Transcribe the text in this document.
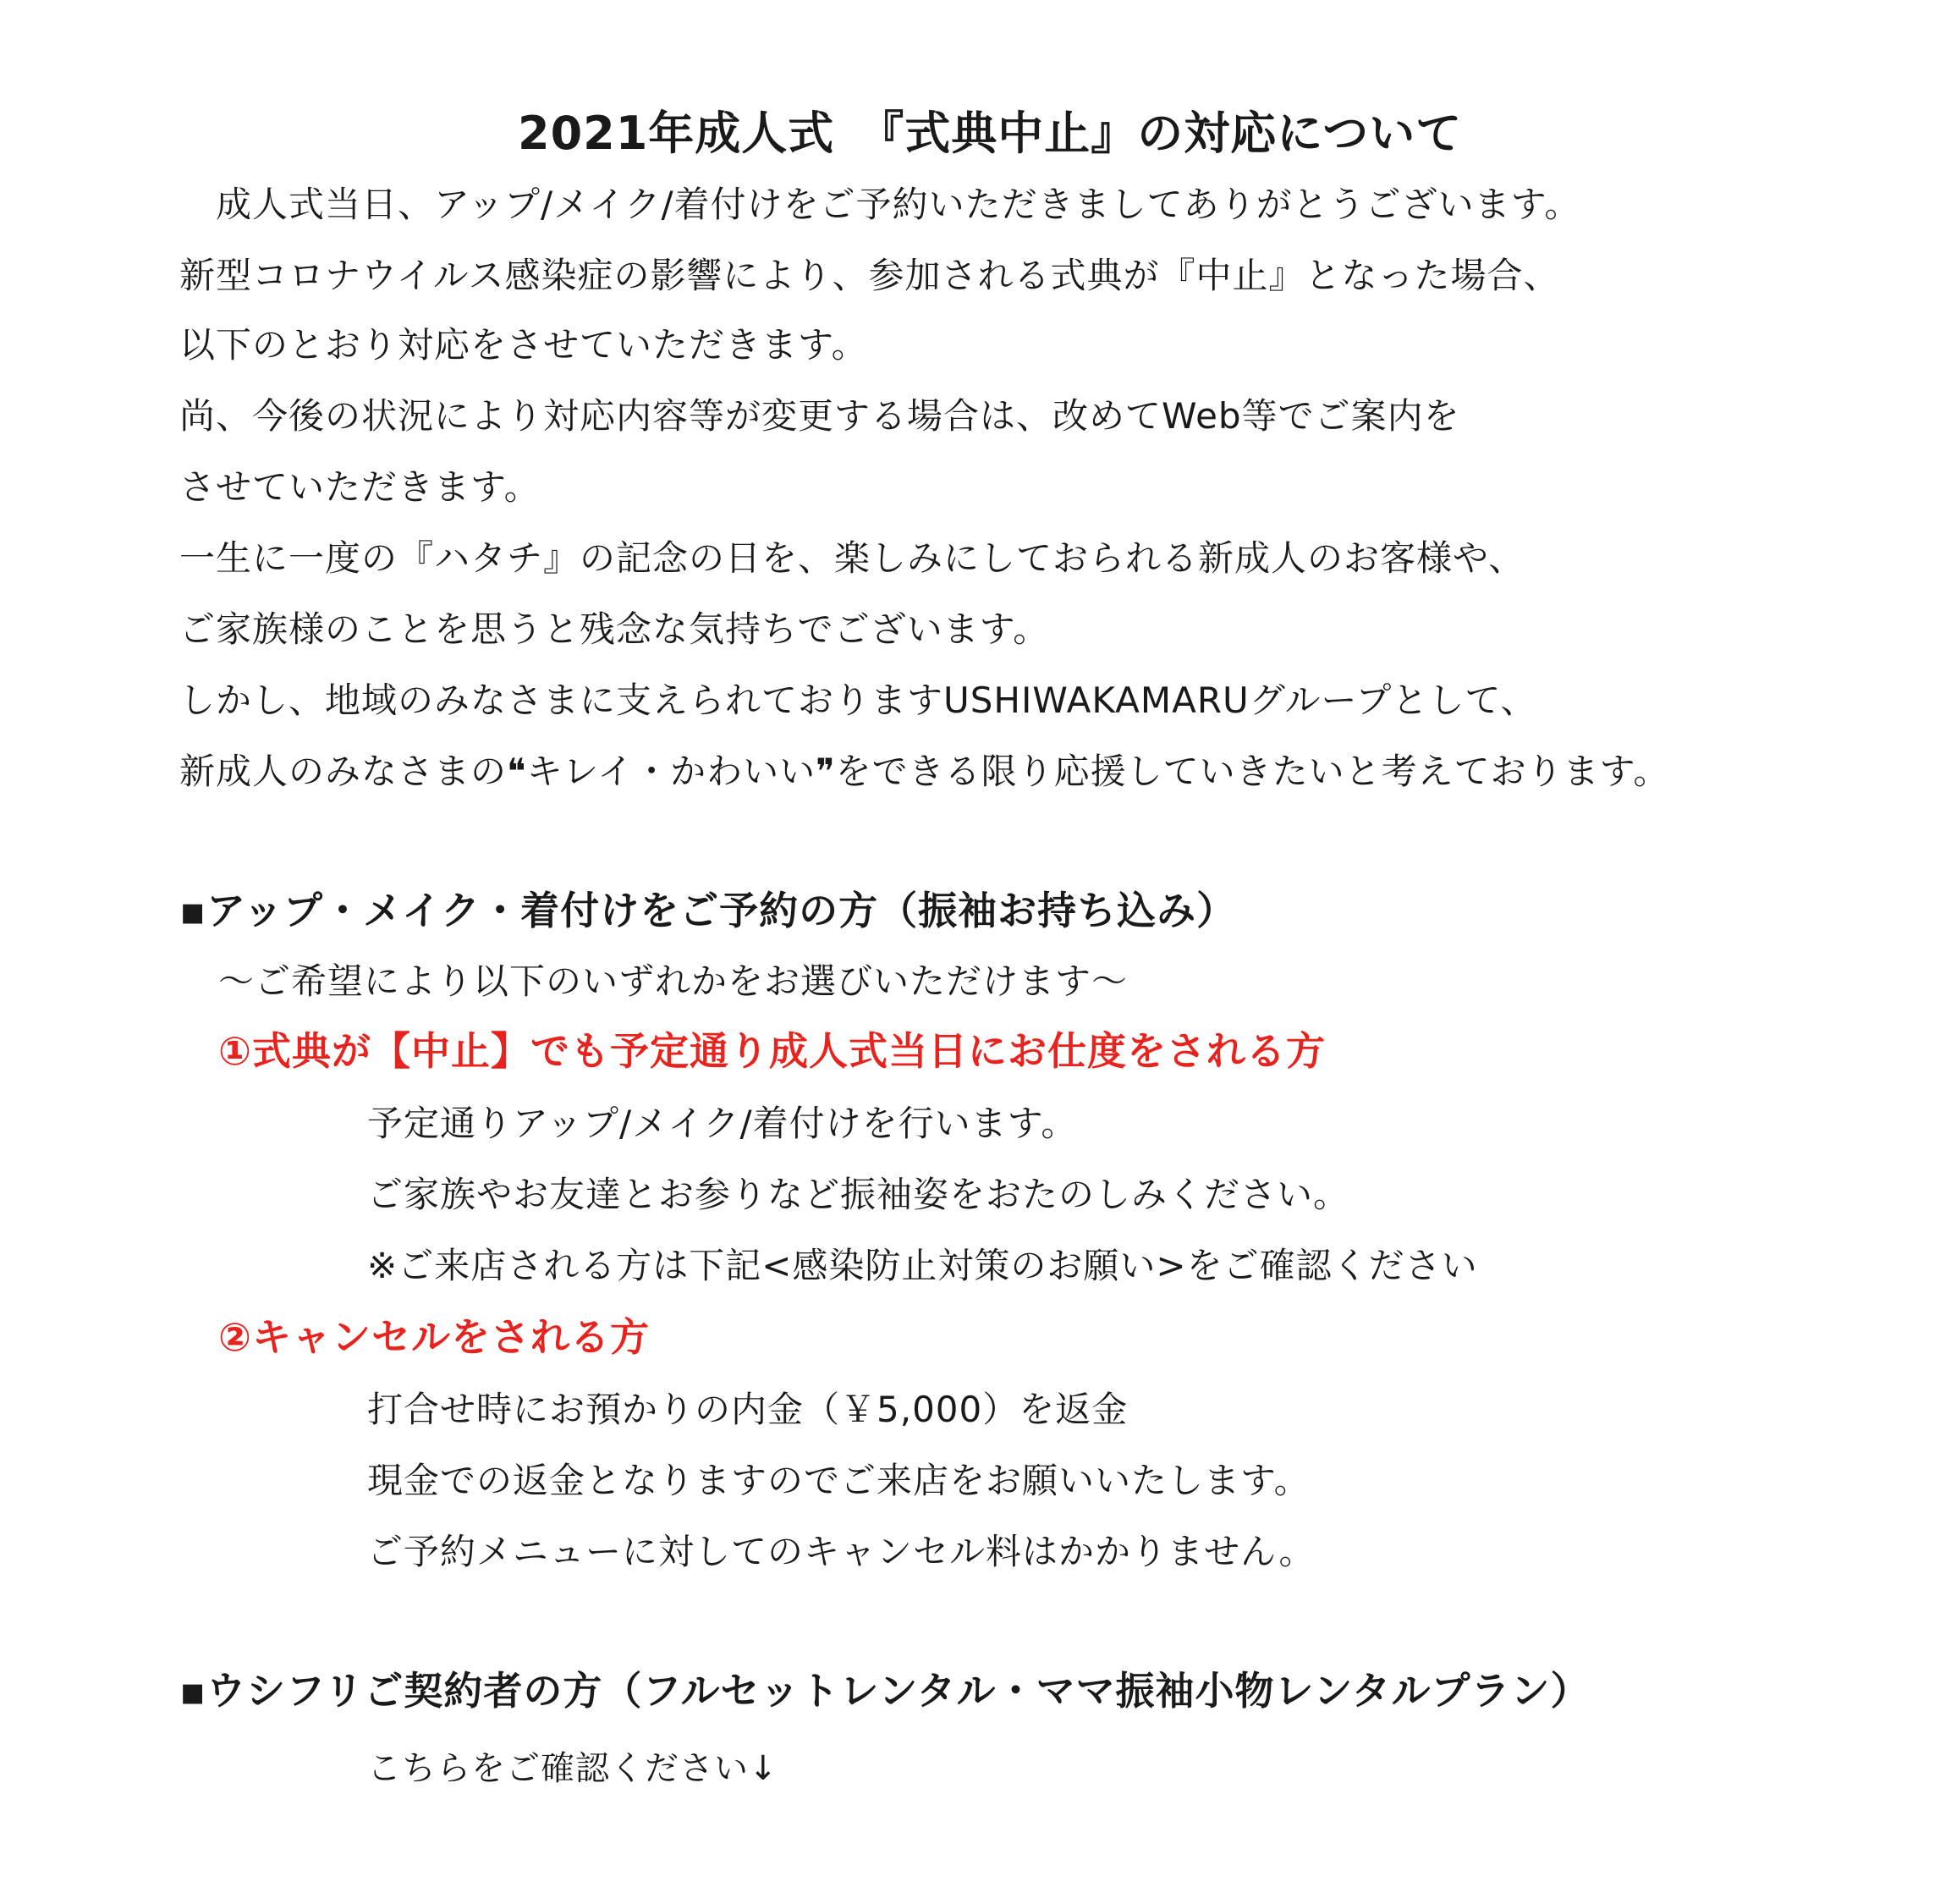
2021年成人式　『式典中止』の対応について
　成人式当日、アップ/メイク/着付けをご予約いただきましてありがとうございます。
新型コロナウイルス感染症の影響により、参加される式典が『中止』となった場合、
以下のとおり対応をさせていただきます。
尚、今後の状況により対応内容等が変更する場合は、改めてWeb等でご案内を
させていただきます。
一生に一度の『ハタチ』の記念の日を、楽しみにしておられる新成人のお客様や、
ご家族様のことを思うと残念な気持ちでございます。
しかし、地域のみなさまに支えられておりますUSHIWAKAMARUグループとして、
新成人のみなさまの❝キレイ・かわいい❞をできる限り応援していきたいと考えております。
▪アップ・メイク・着付けをご予約の方（振袖お持ち込み）
〜ご希望により以下のいずれかをお選びいただけます〜
①式典が【中止】でも予定通り成人式当日にお仕度をされる方
予定通りアップ/メイク/着付けを行います。
ご家族やお友達とお参りなど振袖姿をおたのしみください。
※ご来店される方は下記<感染防止対策のお願い>をご確認ください
②キャンセルをされる方
打合せ時にお預かりの内金（￥5,000）を返金
現金での返金となりますのでご来店をお願いいたします。
ご予約メニューに対してのキャンセル料はかかりません。
▪ウシフリご契約者の方（フルセットレンタル・ママ振袖小物レンタルプラン）
こちらをご確認ください↓
